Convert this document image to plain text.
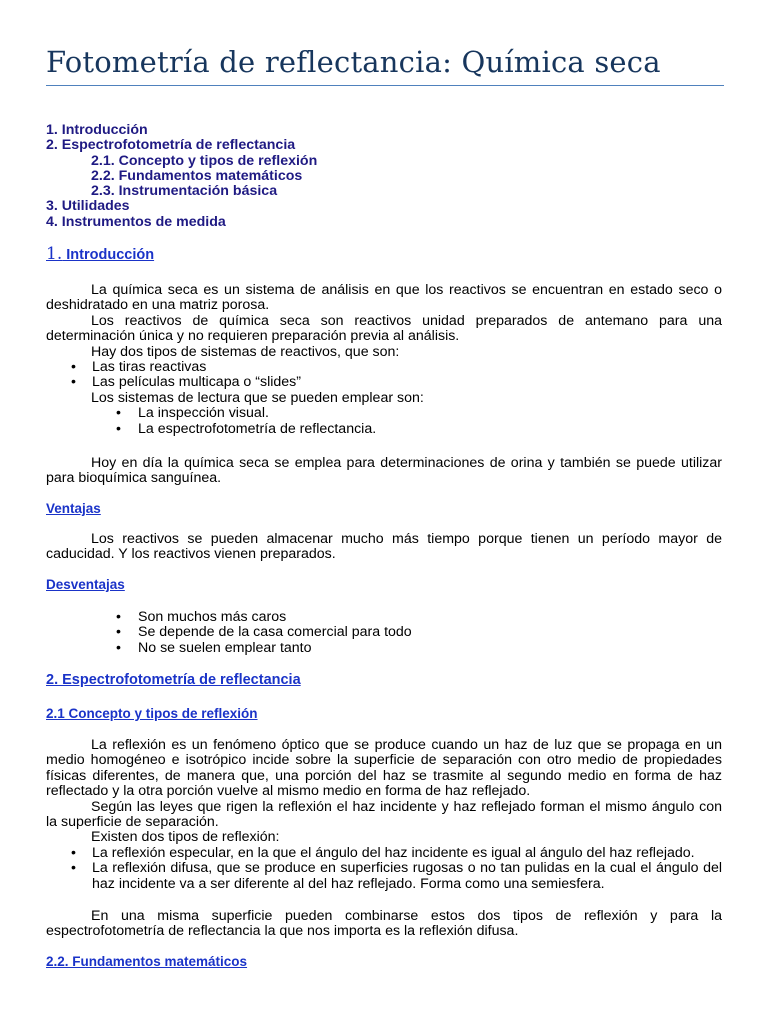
Fotometría de reflectancia: Química seca
1. Introducción
2. Espectrofotometría de reflectancia
2.1. Concepto y tipos de reflexión
2.2. Fundamentos matemáticos
2.3. Instrumentación básica
3. Utilidades
4. Instrumentos de medida
1. Introducción

La química seca es un sistema de análisis en que los reactivos se encuentran en estado seco o deshidratado en una matriz porosa.

Los reactivos de química seca son reactivos unidad preparados de antemano para una determinación única y no requieren preparación previa al análisis.

Hay dos tipos de sistemas de reactivos, que son:

• Las tiras reactivas
• Las películas multicapa o “slides”

Los sistemas de lectura que se pueden emplear son:

• La inspección visual.
• La espectrofotometría de reflectancia.

Hoy en día la química seca se emplea para determinaciones de orina y también se puede utilizar para bioquímica sanguínea.

Ventajas

Los reactivos se pueden almacenar mucho más tiempo porque tienen un período mayor de caducidad. Y los reactivos vienen preparados.

Desventajas
• Son muchos más caros
• Se depende de la casa comercial para todo
• No se suelen emplear tanto
2. Espectrofotometría de reflectancia
2.1 Concepto y tipos de reflexión

La reflexión es un fenómeno óptico que se produce cuando un haz de luz que se propaga en un medio homogéneo e isotrópico incide sobre la superficie de separación con otro medio de propiedades físicas diferentes, de manera que, una porción del haz se trasmite al segundo medio en forma de haz reflectado y la otra porción vuelve al mismo medio en forma de haz reflejado.

Según las leyes que rigen la reflexión el haz incidente y haz reflejado forman el mismo ángulo con la superficie de separación.

Existen dos tipos de reflexión:

• La reflexión especular, en la que el ángulo del haz incidente es igual al ángulo del haz reflejado.
• La reflexión difusa, que se produce en superficies rugosas o no tan pulidas en la cual el ángulo del haz incidente va a ser diferente al del haz reflejado. Forma como una semiesfera.

En una misma superficie pueden combinarse estos dos tipos de reflexión y para la espectrofotometría de reflectancia la que nos importa es la reflexión difusa.

2.2. Fundamentos matemáticos
